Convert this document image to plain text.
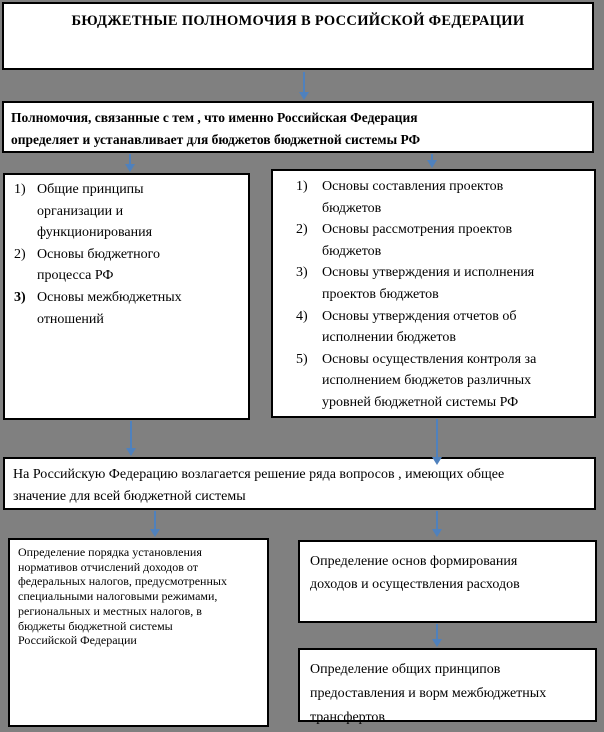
БЮДЖЕТНЫЕ ПОЛНОМОЧИЯ В РОССИЙСКОЙ ФЕДЕРАЦИИ
Полномочия, связанные с тем , что именно Российская Федерация
определяет и устанавливает для бюджетов бюджетной системы РФ
1) Общие принципы
организации и
функционирования
2) Основы бюджетного
процесса РФ
3) Основы межбюджетных
отношений
1)	Основы составления проектов
бюджетов
2)	Основы рассмотрения проектов
бюджетов
3)	Основы утверждения и исполнения
проектов бюджетов
4)	Основы утверждения отчетов об
исполнении бюджетов
5)	Основы осуществления контроля за
исполнением бюджетов различных
уровней бюджетной системы РФ
На Российскую Федерацию возлагается решение ряда вопросов , имеющих общее
значение для всей бюджетной системы
Определение порядка установления
нормативов отчислений доходов от
федеральных налогов, предусмотренных
специальными налоговыми режимами,
региональных и местных налогов, в
бюджеты бюджетной системы
Российской Федерации
Определение основ формирования
доходов и осуществления расходов
Определение общих принципов
предоставления и ворм межбюджетных
трансфертов
